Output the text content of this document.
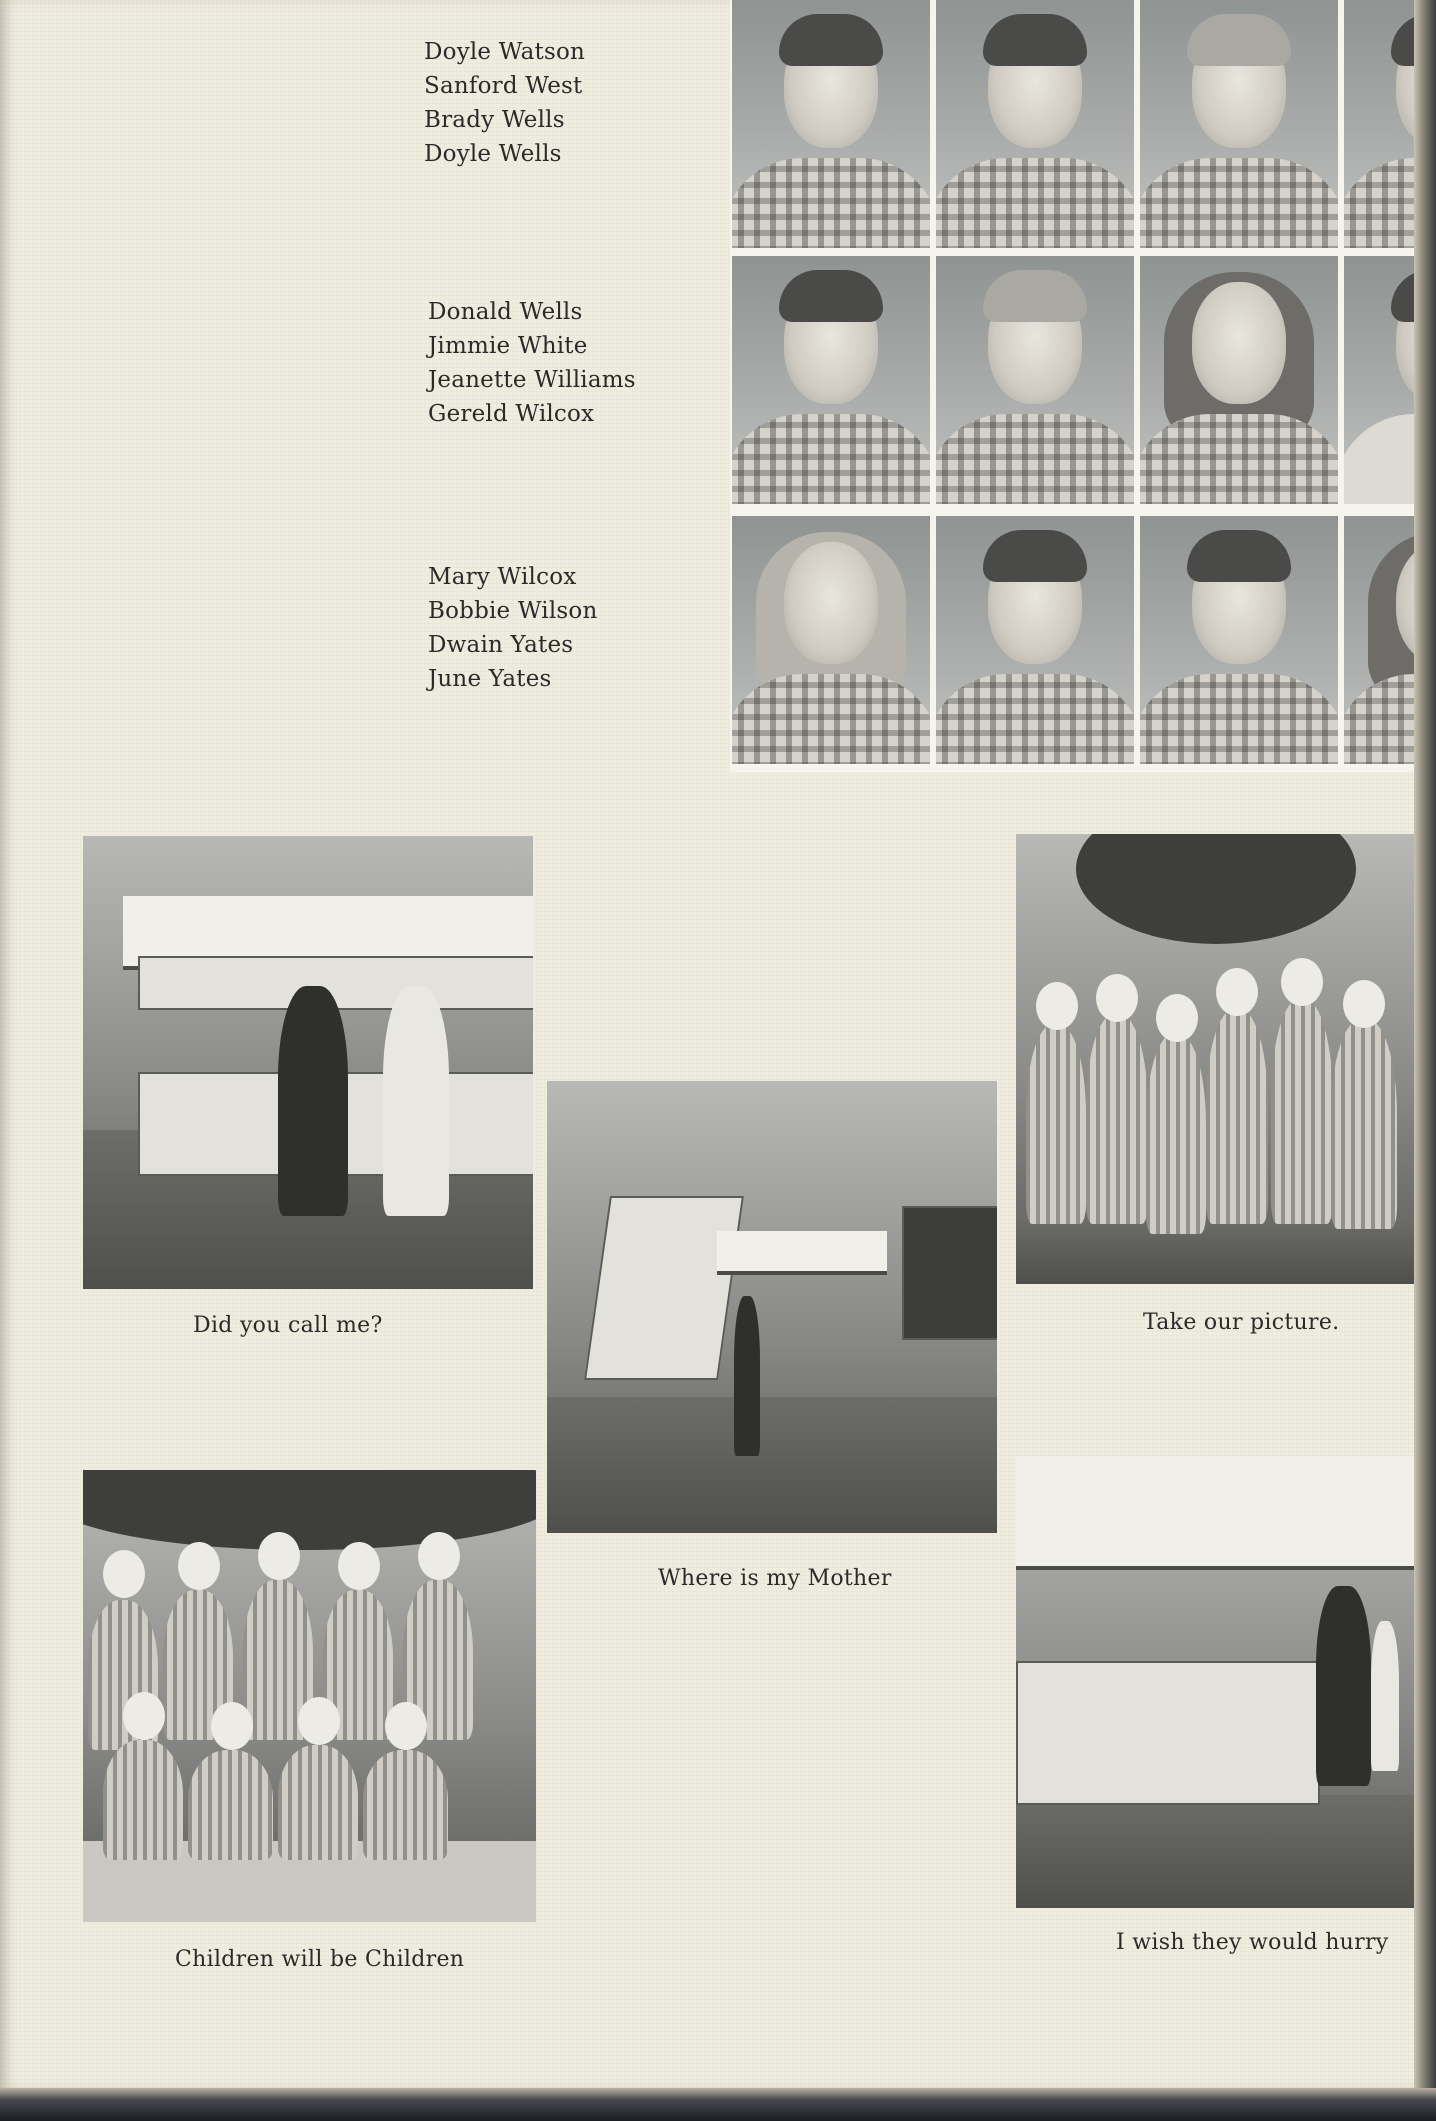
Doyle Watson
Sanford West
Brady Wells
Doyle Wells
Donald Wells
Jimmie White
Jeanette Williams
Gereld Wilcox
Mary Wilcox
Bobbie Wilson
Dwain Yates
June Yates
Did you call me?
Where is my Mother
Take our picture.
Children will be Children
I wish they would hurry
